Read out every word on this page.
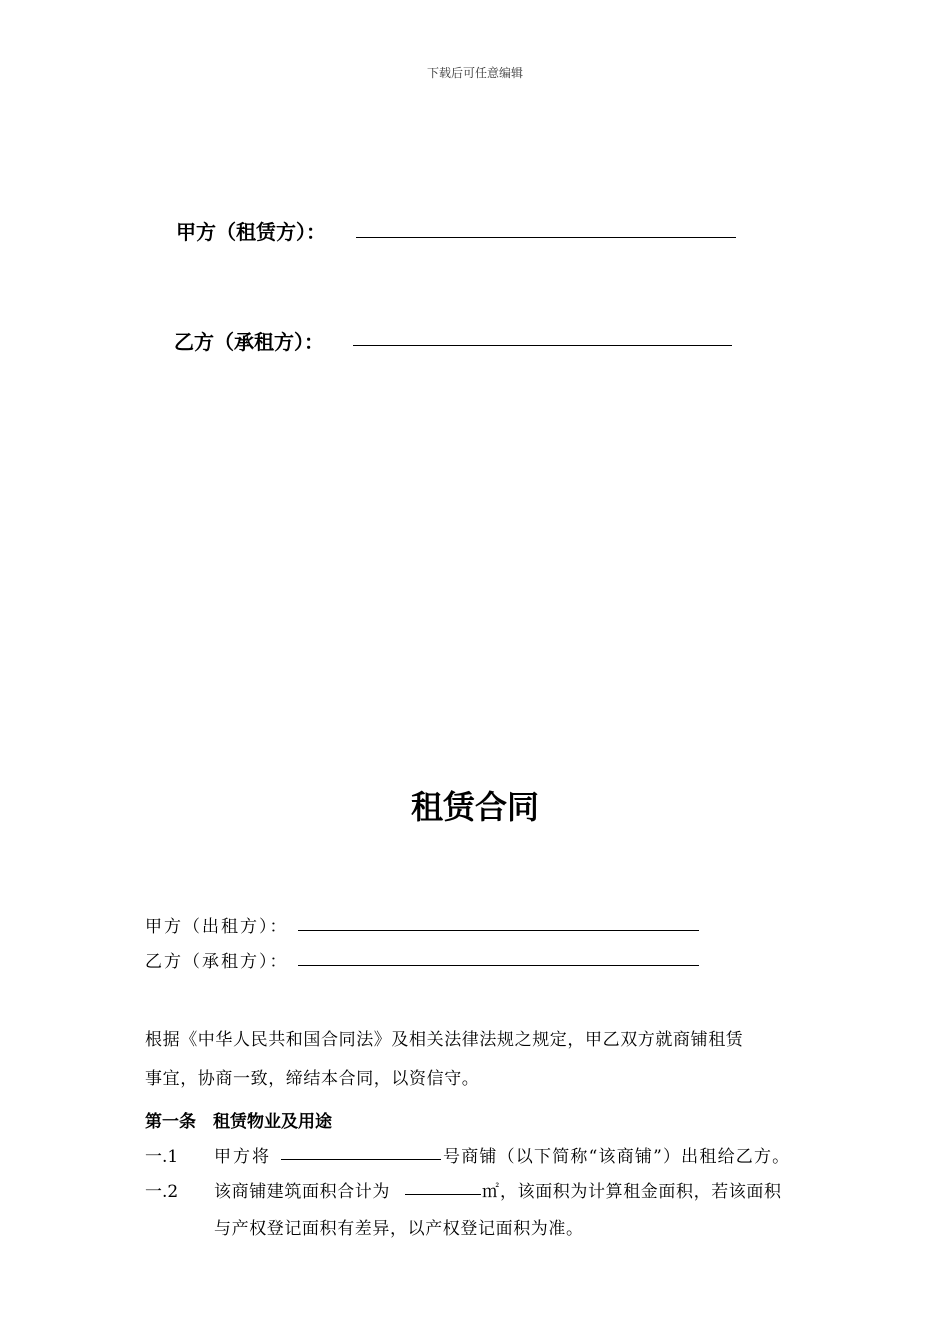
下载后可任意编辑
甲方（租赁方）：
乙方（承租方）：
租赁合同
甲方（出租方）：
乙方（承租方）：
根据《中华人民共和国合同法》及相关法律法规之规定，甲乙双方就商铺租赁
事宜，协商一致，缔结本合同，以资信守。
第一条　租赁物业及用途
一.1 甲方将	号商铺（以下简称“该商铺”）出租给乙方。
一.2 该商铺建筑面积合计为	㎡ ，该面积为计算租金面积，若该面积
与产权登记面积有差异，以产权登记面积为准。
